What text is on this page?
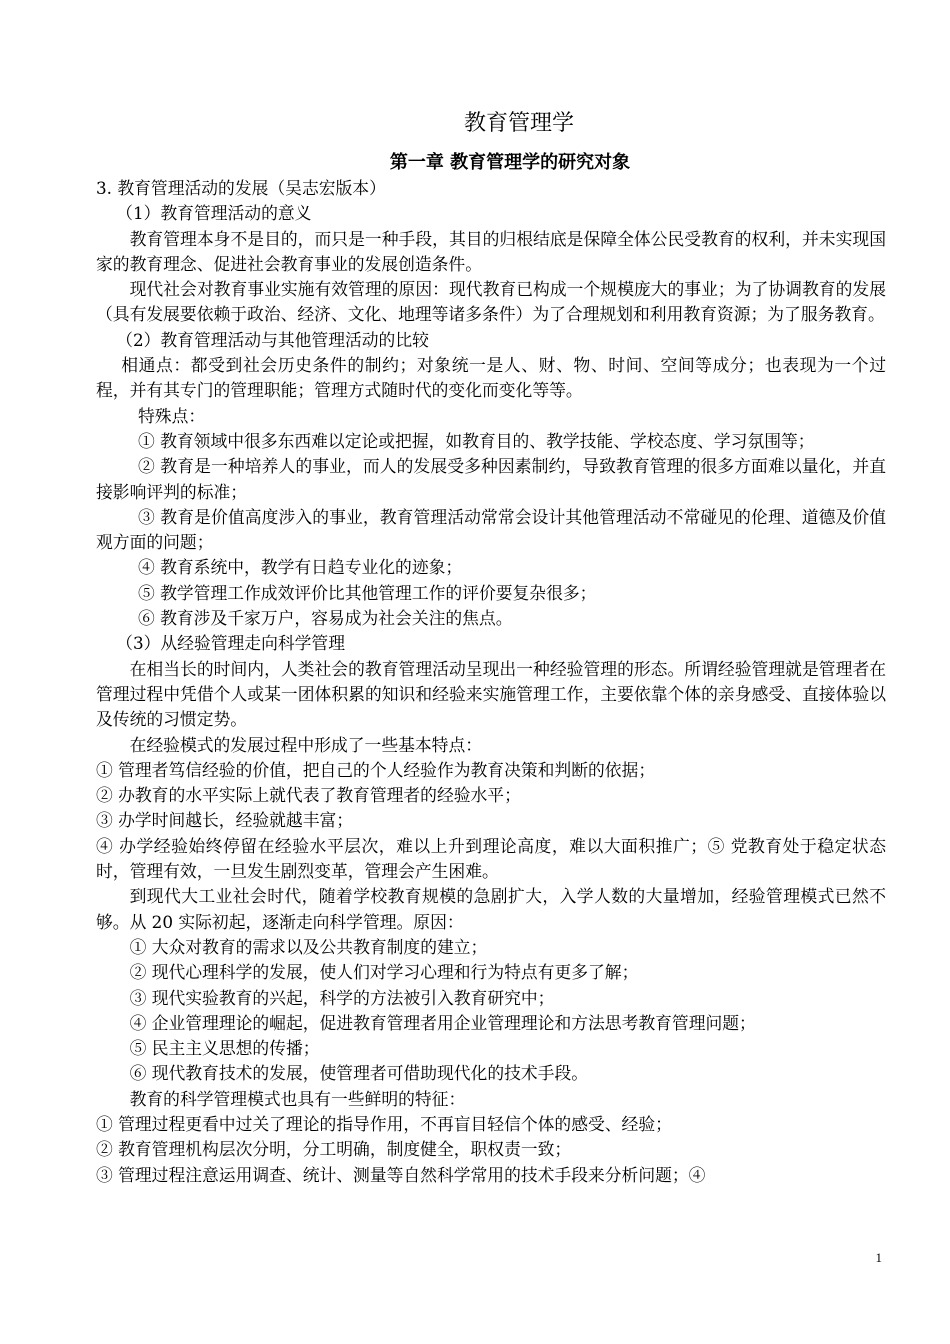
教育管理学
第一章 教育管理学的研究对象

3. 教育管理活动的发展（吴志宏版本）

（1）教育管理活动的意义

教育管理本身不是目的，而只是一种手段，其目的归根结底是保障全体公民受教育的权利，并未实现国家的教育理念、促进社会教育事业的发展创造条件。

现代社会对教育事业实施有效管理的原因：现代教育已构成一个规模庞大的事业；为了协调教育的发展（具有发展要依赖于政治、经济、文化、地理等诸多条件）为了合理规划和利用教育资源；为了服务教育。

（2）教育管理活动与其他管理活动的比较

相通点：都受到社会历史条件的制约；对象统一是人、财、物、时间、空间等成分；也表现为一个过程，并有其专门的管理职能；管理方式随时代的变化而变化等等。

特殊点：

① 教育领域中很多东西难以定论或把握，如教育目的、教学技能、学校态度、学习氛围等；

② 教育是一种培养人的事业，而人的发展受多种因素制约，导致教育管理的很多方面难以量化，并直接影响评判的标准；

③ 教育是价值高度涉入的事业，教育管理活动常常会设计其他管理活动不常碰见的伦理、道德及价值观方面的问题；

④ 教育系统中，教学有日趋专业化的迹象；

⑤ 教学管理工作成效评价比其他管理工作的评价要复杂很多；

⑥ 教育涉及千家万户，容易成为社会关注的焦点。

（3）从经验管理走向科学管理

在相当长的时间内，人类社会的教育管理活动呈现出一种经验管理的形态。所谓经验管理就是管理者在管理过程中凭借个人或某一团体积累的知识和经验来实施管理工作，主要依靠个体的亲身感受、直接体验以及传统的习惯定势。

在经验模式的发展过程中形成了一些基本特点：

① 管理者笃信经验的价值，把自己的个人经验作为教育决策和判断的依据；

② 办教育的水平实际上就代表了教育管理者的经验水平；

③ 办学时间越长，经验就越丰富；

④ 办学经验始终停留在经验水平层次，难以上升到理论高度，难以大面积推广；⑤ 党教育处于稳定状态时，管理有效，一旦发生剧烈变革，管理会产生困难。

到现代大工业社会时代，随着学校教育规模的急剧扩大，入学人数的大量增加，经验管理模式已然不够。从 20 实际初起，逐渐走向科学管理。原因：

① 大众对教育的需求以及公共教育制度的建立；

② 现代心理科学的发展，使人们对学习心理和行为特点有更多了解；

③ 现代实验教育的兴起，科学的方法被引入教育研究中；

④ 企业管理理论的崛起，促进教育管理者用企业管理理论和方法思考教育管理问题；

⑤ 民主主义思想的传播；

⑥ 现代教育技术的发展，使管理者可借助现代化的技术手段。

教育的科学管理模式也具有一些鲜明的特征：

① 管理过程更看中过关了理论的指导作用，不再盲目轻信个体的感受、经验；

② 教育管理机构层次分明，分工明确，制度健全，职权责一致；

③ 管理过程注意运用调查、统计、测量等自然科学常用的技术手段来分析问题；④

1
